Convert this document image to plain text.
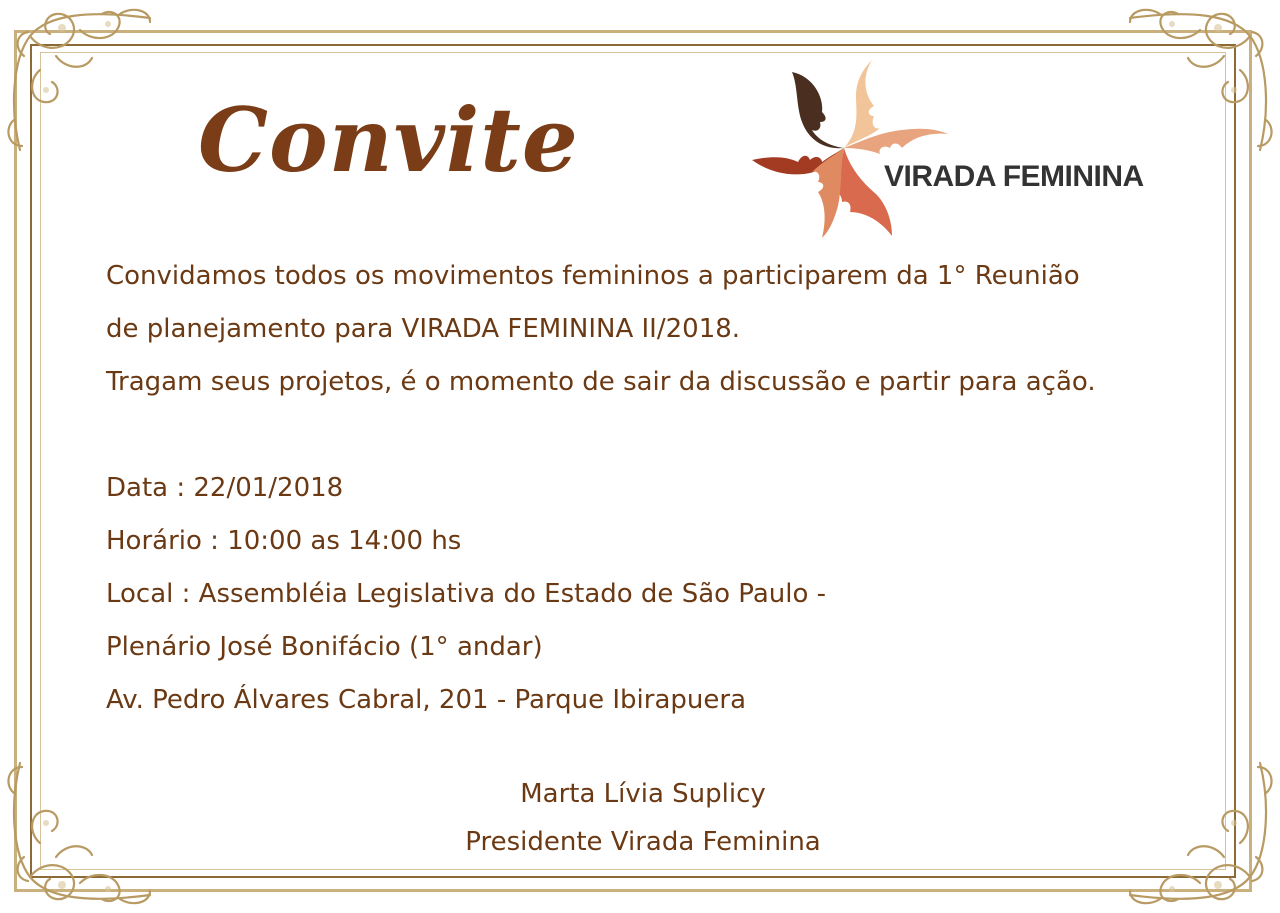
Convite	VIRADA FEMININA
Convidamos todos os movimentos femininos a participarem da 1° Reunião
de planejamento para VIRADA FEMININA II/2018.
Tragam seus projetos, é o momento de sair da discussão e partir para ação.
Data : 22/01/2018
Horário : 10:00 as 14:00 hs
Local : Assembléia Legislativa do Estado de São Paulo -
Plenário José Bonifácio (1° andar)
Av. Pedro Álvares Cabral, 201 - Parque Ibirapuera
Marta Lívia Suplicy
Presidente Virada Feminina
